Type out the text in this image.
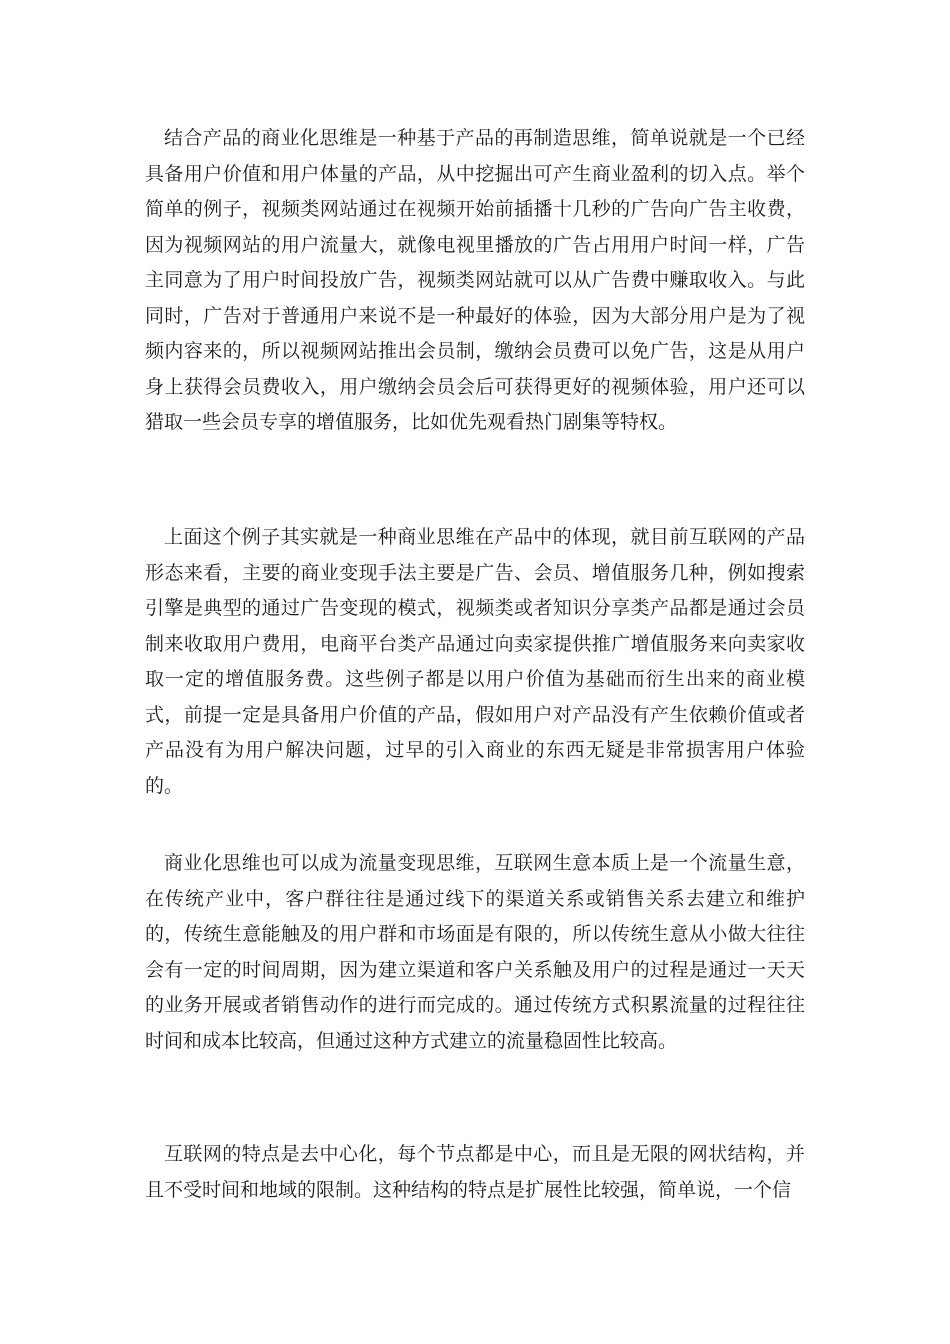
结合产品的商业化思维是一种基于产品的再制造思维，简单说就是一个已经具备用户价值和用户体量的产品，从中挖掘出可产生商业盈利的切入点。举个简单的例子，视频类网站通过在视频开始前插播十几秒的广告向广告主收费，因为视频网站的用户流量大，就像电视里播放的广告占用用户时间一样，广告主同意为了用户时间投放广告，视频类网站就可以从广告费中赚取收入。与此同时，广告对于普通用户来说不是一种最好的体验，因为大部分用户是为了视频内容来的，所以视频网站推出会员制，缴纳会员费可以免广告，这是从用户身上获得会员费收入，用户缴纳会员会后可获得更好的视频体验，用户还可以猎取一些会员专享的增值服务，比如优先观看热门剧集等特权。

上面这个例子其实就是一种商业思维在产品中的体现，就目前互联网的产品形态来看，主要的商业变现手法主要是广告、会员、增值服务几种，例如搜索引擎是典型的通过广告变现的模式，视频类或者知识分享类产品都是通过会员制来收取用户费用，电商平台类产品通过向卖家提供推广增值服务来向卖家收取一定的增值服务费。这些例子都是以用户价值为基础而衍生出来的商业模式，前提一定是具备用户价值的产品，假如用户对产品没有产生依赖价值或者产品没有为用户解决问题，过早的引入商业的东西无疑是非常损害用户体验的。

商业化思维也可以成为流量变现思维，互联网生意本质上是一个流量生意，在传统产业中，客户群往往是通过线下的渠道关系或销售关系去建立和维护的，传统生意能触及的用户群和市场面是有限的，所以传统生意从小做大往往会有一定的时间周期，因为建立渠道和客户关系触及用户的过程是通过一天天的业务开展或者销售动作的进行而完成的。通过传统方式积累流量的过程往往时间和成本比较高，但通过这种方式建立的流量稳固性比较高。

互联网的特点是去中心化，每个节点都是中心，而且是无限的网状结构，并且不受时间和地域的限制。这种结构的特点是扩展性比较强，简单说，一个信
